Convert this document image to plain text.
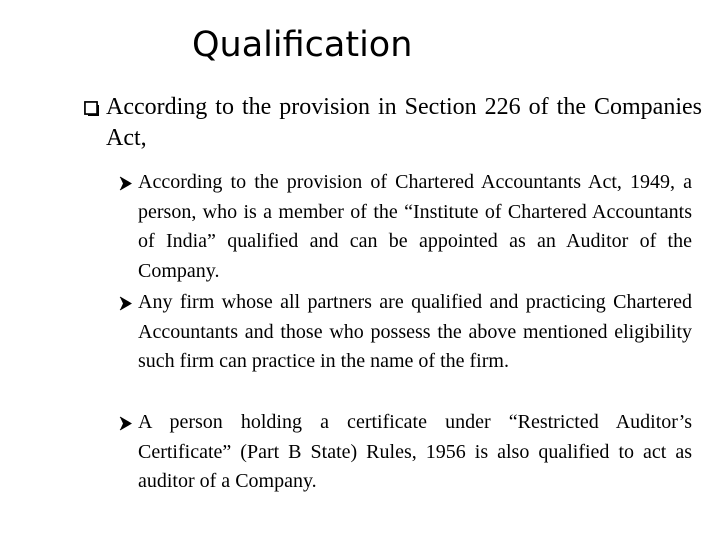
Qualification
According to the provision in Section 226 of the Companies Act,
According to the provision of Chartered Accountants Act, 1949, a person, who is a member of the “Institute of Chartered Accountants of India” qualified and can be appointed as an Auditor of the Company.
Any firm whose all partners are qualified and practicing Chartered Accountants and those who possess the above mentioned eligibility such firm can practice in the name of the firm.
A person holding a certificate under “Restricted Auditor’s Certificate” (Part B State) Rules, 1956 is also qualified to act as auditor of a Company.
